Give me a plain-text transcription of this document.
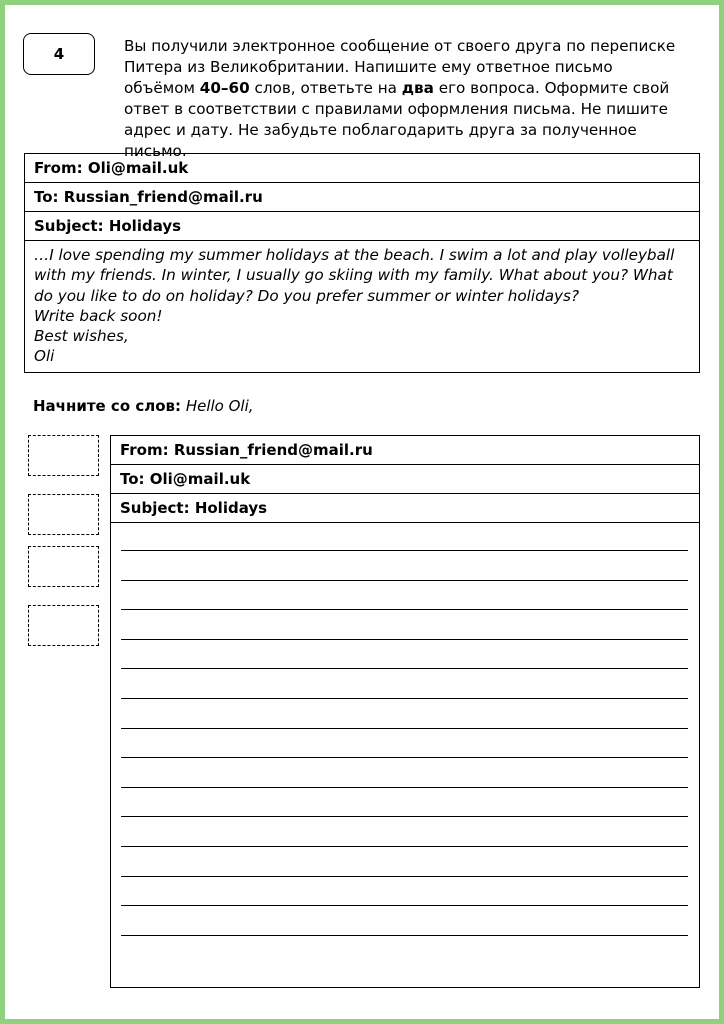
4	Вы получили электронное сообщение от своего друга по переписке Питера из Великобритании. Напишите ему ответное письмо объёмом 40–60 слов, ответьте на два его вопроса. Оформите свой ответ в соответствии с правилами оформления письма. Не пишите адрес и дату. Не забудьте поблагодарить друга за полученное письмо.

From: Oli@mail.uk
To: Russian_friend@mail.ru
Subject: Holidays
…I love spending my summer holidays at the beach. I swim a lot and play volleyball
with my friends. In winter, I usually go skiing with my family. What about you? What
do you like to do on holiday? Do you prefer summer or winter holidays?
Write back soon!
Best wishes,
Oli
Начните со слов: Hello Oli,
From: Russian_friend@mail.ru
To: Oli@mail.uk
Subject: Holidays
